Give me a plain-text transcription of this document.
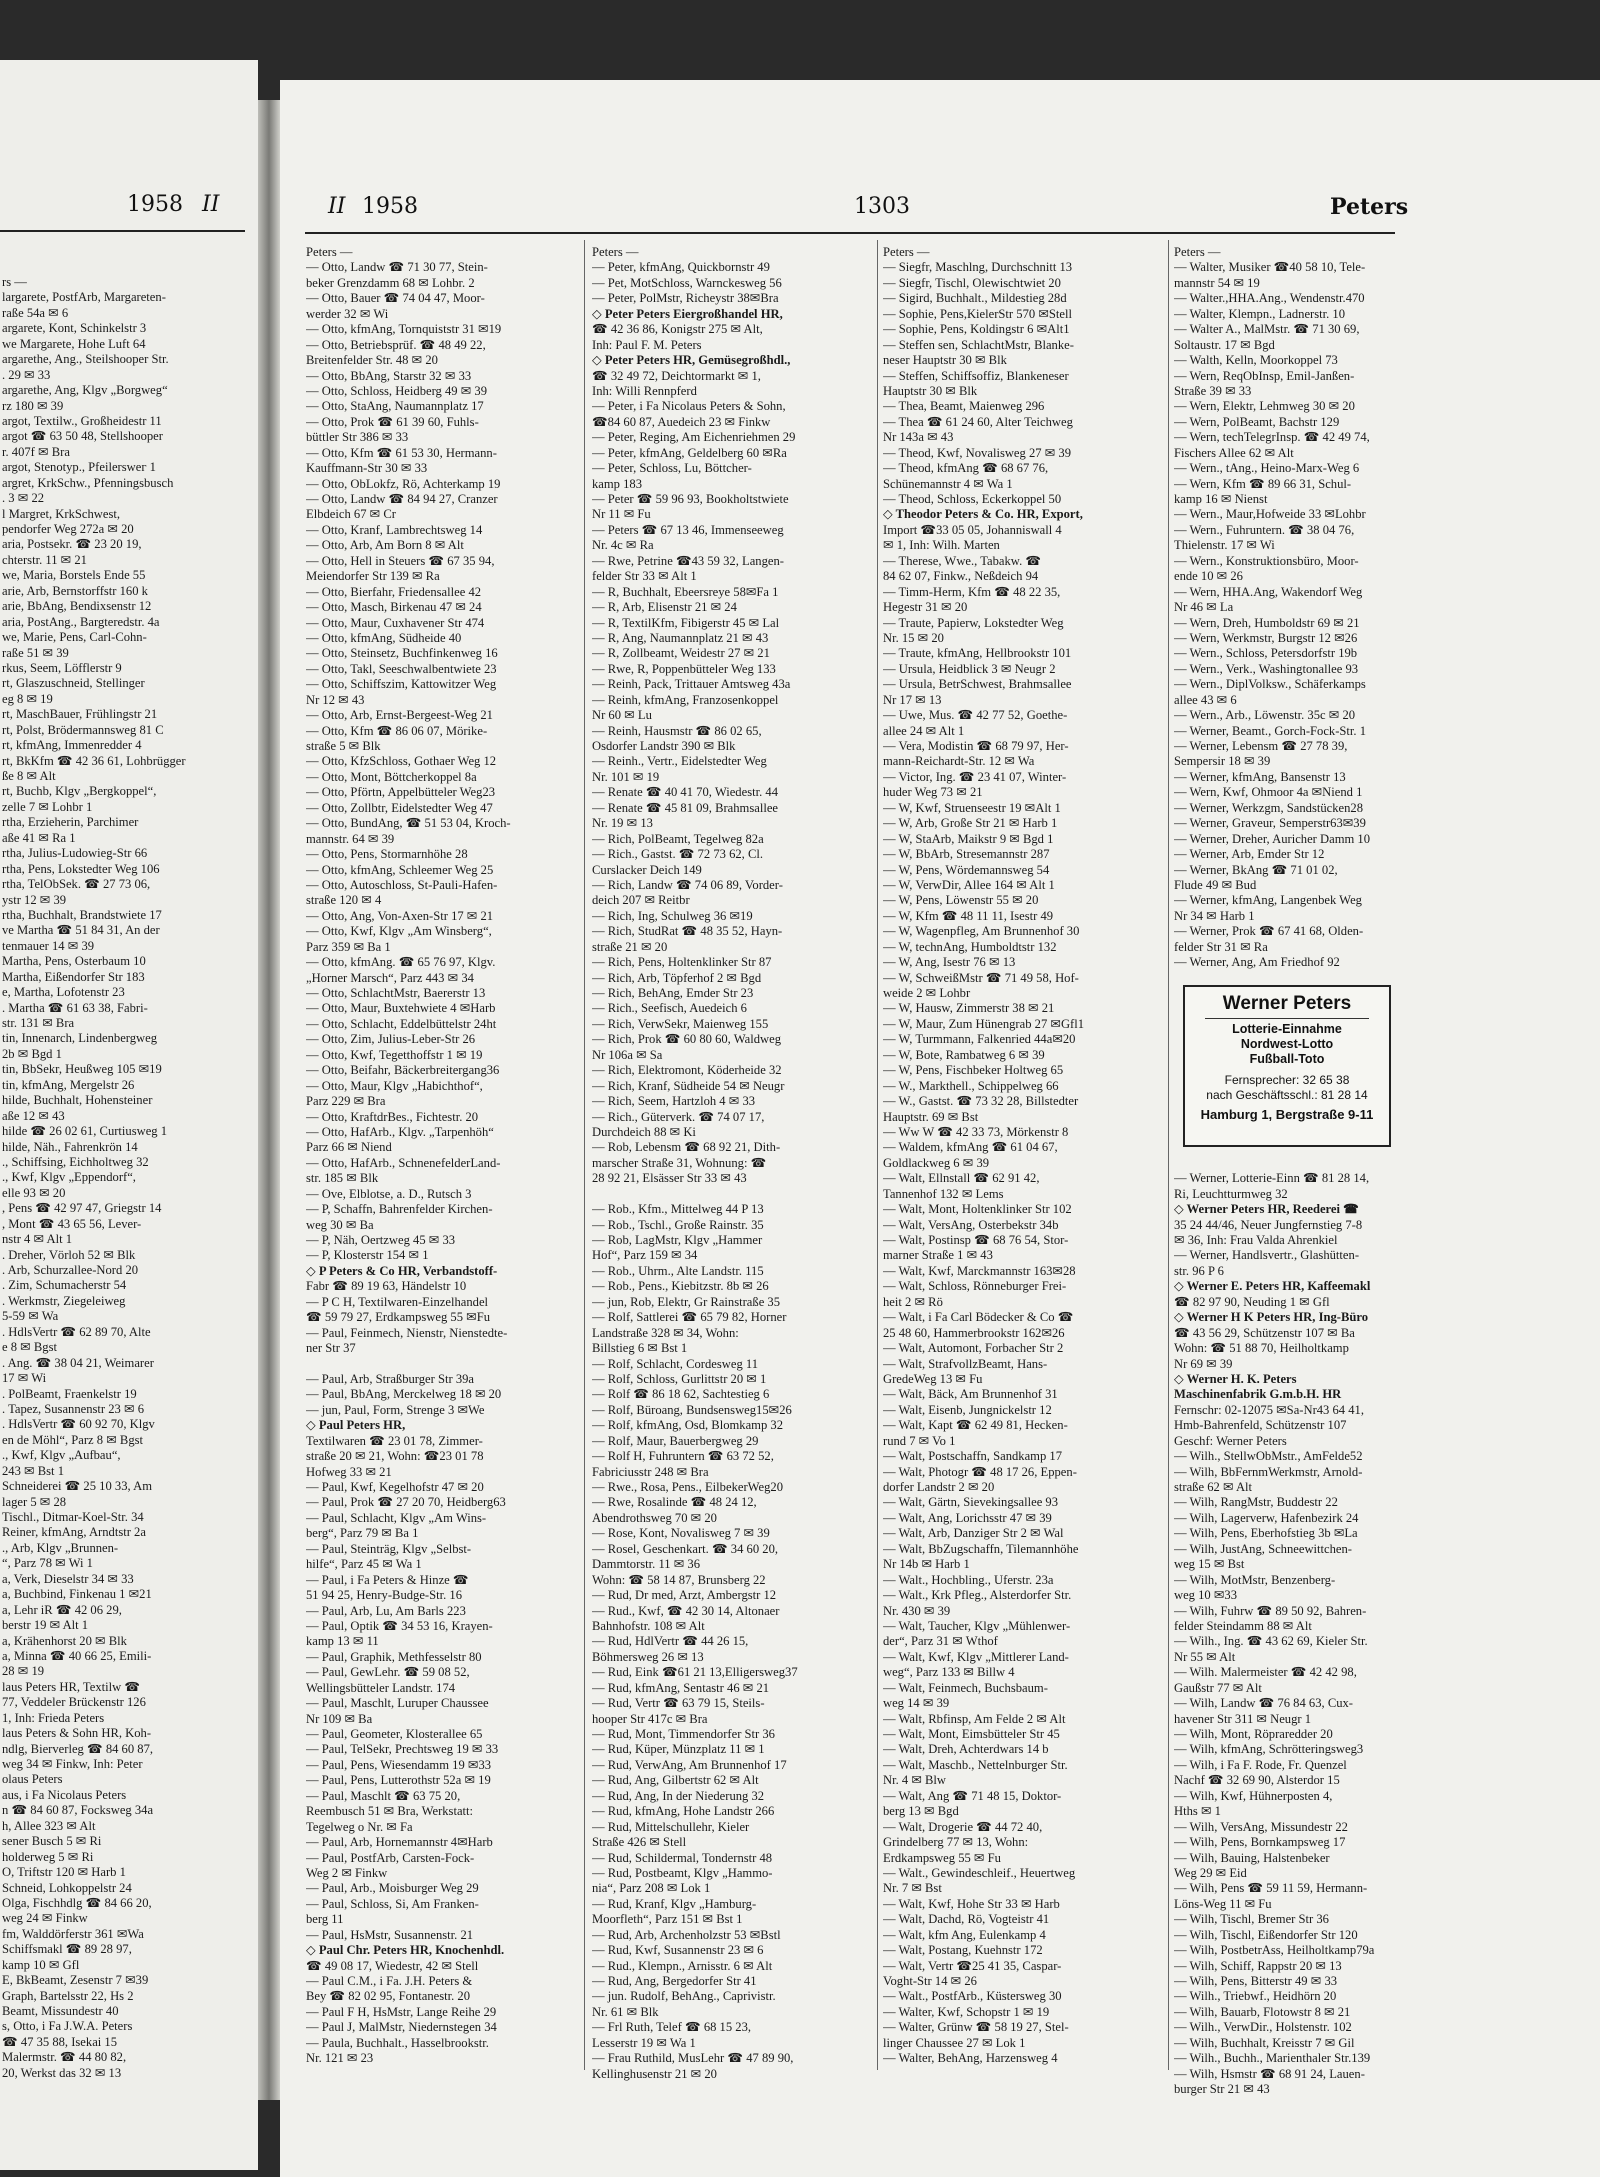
1958 II
rs —
largarete, PostfArb, Margareten-
raße 54a ✉ 6
argarete, Kont, Schinkelstr 3
we Margarete, Hohe Luft 64
argarethe, Ang., Steilshooper Str.
. 29 ✉ 33
argarethe, Ang, Klgv „Borgweg“
rz 180 ✉ 39
argot, Textilw., Großheidestr 11
argot ☎ 63 50 48, Stellshooper
r. 407f ✉ Bra
argot, Stenotyp., Pfeilerswег 1
argret, KrkSchw., Pfenningsbusch
. 3 ✉ 22
l Margret, KrkSchwest,
pendorfer Weg 272a ✉ 20
aria, Postsekr. ☎ 23 20 19,
chterstr. 11 ✉ 21
we, Maria, Borstels Ende 55
arie, Arb, Bernstorffstr 160 k
arie, BbAng, Bendixsenstr 12
aria, PostAng., Bargteredstr. 4a
we, Marie, Pens, Carl-Cohn-
raße 51 ✉ 39
rkus, Seem, Löfflerstr 9
rt, Glaszuschneid, Stellinger
eg 8 ✉ 19
rt, MaschBauer, Frühlingstr 21
rt, Polst, Brödermannsweg 81 C
rt, kfmAng, Immenredder 4
rt, BkKfm ☎ 42 36 61, Lohbrügger
ße 8 ✉ Alt
rt, Buchb, Klgv „Bergkoppel“,
zelle 7 ✉ Lohbr 1
rtha, Erzieherin, Parchimer
aße 41 ✉ Ra 1
rtha, Julius-Ludowieg-Str 66
rtha, Pens, Lokstedter Weg 106
rtha, TelObSek. ☎ 27 73 06,
ystr 12 ✉ 39
rtha, Buchhalt, Brandstwiete 17
ve Martha ☎ 51 84 31, An der
tenmauer 14 ✉ 39
Martha, Pens, Osterbaum 10
Martha, Eißendorfer Str 183
e, Martha, Lofotenstr 23
. Martha ☎ 61 63 38, Fabri-
str. 131 ✉ Bra
tin, Innenarch, Lindenbergweg
2b ✉ Bgd 1
tin, BbSekr, Heußweg 105 ✉19
tin, kfmAng, Mergelstr 26
hilde, Buchhalt, Hohensteiner
aße 12 ✉ 43
hilde ☎ 26 02 61, Curtiusweg 1
hilde, Näh., Fahrenkrön 14
., Schiffsing, Eichholtweg 32
., Kwf, Klgv „Eppendorf“,
elle 93 ✉ 20
, Pens ☎ 42 97 47, Griegstr 14
, Mont ☎ 43 65 56, Lever-
nstr 4 ✉ Alt 1
. Dreher, Vörloh 52 ✉ Blk
. Arb, Schurzallee-Nord 20
. Zim, Schumacherstr 54
. Werkmstr, Ziegeleiweg
5-59 ✉ Wa
. HdlsVertr ☎ 62 89 70, Alte
e 8 ✉ Bgst
. Ang. ☎ 38 04 21, Weimarer
17 ✉ Wi
. PolBeamt, Fraenkelstr 19
. Tapez, Susannenstr 23 ✉ 6
. HdlsVertr ☎ 60 92 70, Klgv
en de Möhl“, Parz 8 ✉ Bgst
., Kwf, Klgv „Aufbau“,
243 ✉ Bst 1
Schneiderei ☎ 25 10 33, Am
lager 5 ✉ 28
Tischl., Ditmar-Koel-Str. 34
Reiner, kfmAng, Arndtstr 2a
., Arb, Klgv „Brunnen-
“, Parz 78 ✉ Wi 1
a, Verk, Dieselstr 34 ✉ 33
a, Buchbind, Finkenau 1 ✉21
a, Lehr iR ☎ 42 06 29,
berstr 19 ✉ Alt 1
a, Krähenhorst 20 ✉ Blk
a, Minna ☎ 40 66 25, Emili-
28 ✉ 19
laus Peters HR, Textilw ☎
77, Veddeler Brückenstr 126
1, Inh: Frieda Peters
laus Peters & Sohn HR, Koh-
ndlg, Bierverleg ☎ 84 60 87,
weg 34 ✉ Finkw, Inh: Peter
olaus Peters
aus, i Fa Nicolaus Peters
n ☎ 84 60 87, Fockswеg 34a
h, Allee 323 ✉ Alt
sener Busch 5 ✉ Ri
holderweg 5 ✉ Ri
O, Triftstr 120 ✉ Harb 1
Schneid, Lohkoppelstr 24
Olga, Fischhdlg ☎ 84 66 20,
weg 24 ✉ Finkw
fm, Walddörferstr 361 ✉Wa
Schiffsmakl ☎ 89 28 97,
kamp 10 ✉ Gfl
E, BkBeamt, Zesenstr 7 ✉39
Graph, Bartelsstr 22, Hs 2
Beamt, Missundestr 40
s, Otto, i Fa J.W.A. Peters
☎ 47 35 88, Isekai 15
Malermstr. ☎ 44 80 82,
20, Werkst das 32 ✉ 13
II 1958	1303	Peters
Peters —
— Otto, Landw ☎ 71 30 77, Stein-
beker Grenzdamm 68 ✉ Lohbr. 2
— Otto, Bauer ☎ 74 04 47, Moor-
werder 32 ✉ Wi
— Otto, kfmAng, Tornquiststr 31 ✉19
— Otto, Betriebsprüf. ☎ 48 49 22,
Breitenfelder Str. 48 ✉ 20
— Otto, BbAng, Starstr 32 ✉ 33
— Otto, Schloss, Heidberg 49 ✉ 39
— Otto, StaAng, Naumannplatz 17
— Otto, Prok ☎ 61 39 60, Fuhls-
büttler Str 386 ✉ 33
— Otto, Kfm ☎ 61 53 30, Hermann-
Kauffmann-Str 30 ✉ 33
— Otto, ObLokfz, Rö, Achterkamp 19
— Otto, Landw ☎ 84 94 27, Cranzer
Elbdeich 67 ✉ Cr
— Otto, Kranf, Lambrechtsweg 14
— Otto, Arb, Am Born 8 ✉ Alt
— Otto, Hell in Steuers ☎ 67 35 94,
Meiendorfer Str 139 ✉ Ra
— Otto, Bierfahr, Friedensallee 42
— Otto, Masch, Birkenau 47 ✉ 24
— Otto, Maur, Cuxhavener Str 474
— Otto, kfmAng, Südheide 40
— Otto, Steinsetz, Buchfinkenweg 16
— Otto, Takl, Seeschwalbentwiete 23
— Otto, Schiffszim, Kattowitzer Weg
Nr 12 ✉ 43
— Otto, Arb, Ernst-Bergeest-Weg 21
— Otto, Kfm ☎ 86 06 07, Mörike-
straße 5 ✉ Blk
— Otto, KfzSchloss, Gothaer Weg 12
— Otto, Mont, Böttcherkoppel 8a
— Otto, Pförtn, Appelbütteler Weg23
— Otto, Zollbtr, Eidelstedter Weg 47
— Otto, BundAng, ☎ 51 53 04, Kroch-
mannstr. 64 ✉ 39
— Otto, Pens, Stormarnhöhe 28
— Otto, kfmAng, Schleemer Weg 25
— Otto, Autoschloss, St-Pauli-Hafen-
straße 120 ✉ 4
— Otto, Ang, Von-Axen-Str 17 ✉ 21
— Otto, Kwf, Klgv „Am Winsberg“,
Parz 359 ✉ Ba 1
— Otto, kfmAng. ☎ 65 76 97, Klgv.
„Horner Marsch“, Parz 443 ✉ 34
— Otto, SchlachtMstr, Baererstr 13
— Otto, Maur, Buxtehwiete 4 ✉Harb
— Otto, Schlacht, Eddelbüttelstr 24ht
— Otto, Zim, Julius-Leber-Str 26
— Otto, Kwf, Tegetthoffstr 1 ✉ 19
— Otto, Beifahr, Bäckerbreitergang36
— Otto, Maur, Klgv „Habichthof“,
Parz 229 ✉ Bra
— Otto, KraftdrBes., Fichtestr. 20
— Otto, HafArb., Klgv. „Tarpenhöh“
Parz 66 ✉ Niend
— Otto, HafArb., SchnenefelderLand-
str. 185 ✉ Blk
— Ove, Elblotse, a. D., Rutsch 3
— P, Schaffn, Bahrenfelder Kirchen-
weg 30 ✉ Ba
— P, Näh, Oertzweg 45 ✉ 33
— P, Klosterstr 154 ✉ 1
◇ P Peters & Co HR, Verbandstoff-
Fabr ☎ 89 19 63, Händelstr 10
— P C H, Textilwaren-Einzelhandel
☎ 59 79 27, Erdkampsweg 55 ✉Fu
— Paul, Feinmech, Nienstr, Nienstedte-
ner Str 37
— Paul, Arb, Straßburger Str 39a
— Paul, BbAng, Merckelweg 18 ✉ 20
— jun, Paul, Form, Strenge 3 ✉We
◇ Paul Peters HR,
Textilwaren ☎ 23 01 78, Zimmer-
straße 20 ✉ 21, Wohn: ☎23 01 78
Hofweg 33 ✉ 21
— Paul, Kwf, Kegelhofstr 47 ✉ 20
— Paul, Prok ☎ 27 20 70, Heidberg63
— Paul, Schlacht, Klgv „Am Wins-
berg“, Parz 79 ✉ Ba 1
— Paul, Steinträg, Klgv „Selbst-
hilfe“, Parz 45 ✉ Wa 1
— Paul, i Fa Peters & Hinze ☎
51 94 25, Henry-Budge-Str. 16
— Paul, Arb, Lu, Am Barls 223
— Paul, Optik ☎ 34 53 16, Krayen-
kamp 13 ✉ 11
— Paul, Graphik, Methfesselstr 80
— Paul, GewLehr. ☎ 59 08 52,
Wellingsbütteler Landstr. 174
— Paul, Maschlt, Luruper Chaussee
Nr 109 ✉ Ba
— Paul, Geometer, Klosterallee 65
— Paul, TelSekr, Prechtsweg 19 ✉ 33
— Paul, Pens, Wiesendamm 19 ✉33
— Paul, Pens, Lutterothstr 52a ✉ 19
— Paul, Maschlt ☎ 63 75 20,
Reembusch 51 ✉ Bra, Werkstatt:
Tegelweg o Nr. ✉ Fa
— Paul, Arb, Hornemannstr 4✉Harb
— Paul, PostfArb, Carsten-Fock-
Weg 2 ✉ Finkw
— Paul, Arb., Moisburger Weg 29
— Paul, Schloss, Si, Am Franken-
berg 11
— Paul, HsMstr, Susannenstr. 21
◇ Paul Chr. Peters HR, Knochenhdl.
☎ 49 08 17, Wiedestr, 42 ✉ Stell
— Paul C.M., i Fa. J.H. Peters &
Bey ☎ 82 02 95, Fontanestr. 20
— Paul F H, HsMstr, Lange Reihe 29
— Paul J, MalMstr, Niedernstegen 34
— Paula, Buchhalt., Hasselbrookstr.
Nr. 121 ✉ 23
Peters —
— Peter, kfmAng, Quickbornstr 49
— Pet, MotSchloss, Warnckesweg 56
— Peter, PolMstr, Richeystr 38✉Bra
◇ Peter Peters Eiergroßhandel HR,
☎ 42 36 86, Konigstr 275 ✉ Alt,
Inh: Paul F. M. Peters
◇ Peter Peters HR, Gemüsegroßhdl.,
☎ 32 49 72, Deichtormarkt ✉ 1,
Inh: Willi Rennpferd
— Peter, i Fa Nicolaus Peters & Sohn,
☎84 60 87, Auedeich 23 ✉ Finkw
— Peter, Reging, Am Eichenriehmen 29
— Peter, kfmAng, Geldelberg 60 ✉Ra
— Peter, Schloss, Lu, Böttcher-
kamp 183
— Peter ☎ 59 96 93, Bookholtstwiete
Nr 11 ✉ Fu
— Peters ☎ 67 13 46, Immenseeweg
Nr. 4c ✉ Ra
— Rwe, Petrine ☎43 59 32, Langen-
felder Str 33 ✉ Alt 1
— R, Buchhalt, Ebeersreye 58✉Fa 1
— R, Arb, Elisenstr 21 ✉ 24
— R, TextilKfm, Fibigerstr 45 ✉ Lal
— R, Ang, Naumannplatz 21 ✉ 43
— R, Zollbeamt, Weidestr 27 ✉ 21
— Rwe, R, Poppenbütteler Weg 133
— Reinh, Pack, Trittauer Amtsweg 43a
— Reinh, kfmAng, Franzosenkoppel
Nr 60 ✉ Lu
— Reinh, Hausmstr ☎ 86 02 65,
Osdorfer Landstr 390 ✉ Blk
— Reinh., Vertr., Eidelstedter Weg
Nr. 101 ✉ 19
— Renate ☎ 40 41 70, Wiedestr. 44
— Renate ☎ 45 81 09, Brahmsallee
Nr. 19 ✉ 13
— Rich, PolBeamt, Tegelweg 82a
— Rich., Gastst. ☎ 72 73 62, Cl.
Curslacker Deich 149
— Rich, Landw ☎ 74 06 89, Vorder-
deich 207 ✉ Reitbr
— Rich, Ing, Schulweg 36 ✉19
— Rich, StudRat ☎ 48 35 52, Hayn-
straße 21 ✉ 20
— Rich, Pens, Holtenklinker Str 87
— Rich, Arb, Töpferhof 2 ✉ Bgd
— Rich, BehAng, Emder Str 23
— Rich., Seefisch, Auedeich 6
— Rich, VerwSekr, Maienweg 155
— Rich, Prok ☎ 60 80 60, Waldweg
Nr 106a ✉ Sa
— Rich, Elektromont, Köderheide 32
— Rich, Kranf, Südheide 54 ✉ Neugr
— Rich, Seem, Hartzloh 4 ✉ 33
— Rich., Güterverk. ☎ 74 07 17,
Durchdeich 88 ✉ Ki
— Rob, Lebensm ☎ 68 92 21, Dith-
marscher Straße 31, Wohnung: ☎
28 92 21, Elsässer Str 33 ✉ 43
— Rob., Kfm., Mittelweg 44 P 13
— Rob., Tschl., Große Rainstr. 35
— Rob, LagMstr, Klgv „Hammer
Hof“, Parz 159 ✉ 34
— Rob., Uhrm., Alte Landstr. 115
— Rob., Pens., Kiebitzstr. 8b ✉ 26
— jun, Rob, Elektr, Gr Rainstraße 35
— Rolf, Sattlerei ☎ 65 79 82, Horner
Landstraße 328 ✉ 34, Wohn:
Billstieg 6 ✉ Bst 1
— Rolf, Schlacht, Cordesweg 11
— Rolf, Schloss, Gurlittstr 20 ✉ 1
— Rolf ☎ 86 18 62, Sachtestieg 6
— Rolf, Büroang, Bundsensweg15✉26
— Rolf, kfmAng, Osd, Blomkamp 32
— Rolf, Maur, Bauerbergweg 29
— Rolf H, Fuhruntern ☎ 63 72 52,
Fabriciusstr 248 ✉ Bra
— Rwe., Rosa, Pens., EilbekerWeg20
— Rwe, Rosalinde ☎ 48 24 12,
Abendrothsweg 70 ✉ 20
— Rose, Kont, Novalisweg 7 ✉ 39
— Rosel, Geschenkart. ☎ 34 60 20,
Dammtorstr. 11 ✉ 36
Wohn: ☎ 58 14 87, Brunsberg 22
— Rud, Dr med, Arzt, Ambergstr 12
— Rud., Kwf, ☎ 42 30 14, Altonaer
Bahnhofstr. 108 ✉ Alt
— Rud, HdlVertr ☎ 44 26 15,
Böhmersweg 26 ✉ 13
— Rud, Eink ☎61 21 13,Elligersweg37
— Rud, kfmAng, Sentastr 46 ✉ 21
— Rud, Vertr ☎ 63 79 15, Steils-
hooper Str 417c ✉ Bra
— Rud, Mont, Timmendorfer Str 36
— Rud, Küper, Münzplatz 11 ✉ 1
— Rud, VerwAng, Am Brunnenhof 17
— Rud, Ang, Gilbertstr 62 ✉ Alt
— Rud, Ang, In der Niederung 32
— Rud, kfmAng, Hohe Landstr 266
— Rud, Mittelschullehr, Kieler
Straße 426 ✉ Stell
— Rud, Schildermal, Tondernstr 48
— Rud, Postbeamt, Klgv „Hammo-
nia“, Parz 208 ✉ Lok 1
— Rud, Kranf, Klgv „Hamburg-
Moorfleth“, Parz 151 ✉ Bst 1
— Rud, Arb, Archenholzstr 53 ✉Bstl
— Rud, Kwf, Susannenstr 23 ✉ 6
— Rud., Klempn., Arnisstr. 6 ✉ Alt
— Rud, Ang, Bergedorfer Str 41
— jun. Rudolf, BehAng., Caprivistr.
Nr. 61 ✉ Blk
— Frl Ruth, Telef ☎ 68 15 23,
Lesserstr 19 ✉ Wa 1
— Frau Ruthild, MusLehr ☎ 47 89 90,
Kellinghusenstr 21 ✉ 20
Peters —
— Siegfr, Maschlng, Durchschnitt 13
— Siegfr, Tischl, Olewischtwiet 20
— Sigird, Buchhalt., Mildestieg 28d
— Sophie, Pens,KielerStr 570 ✉Stell
— Sophie, Pens, Koldingstr 6 ✉Alt1
— Steffen sen, SchlachtMstr, Blanke-
neser Hauptstr 30 ✉ Blk
— Steffen, Schiffsoffiz, Blankeneser
Hauptstr 30 ✉ Blk
— Thea, Beamt, Maienweg 296
— Thea ☎ 61 24 60, Alter Teichweg
Nr 143a ✉ 43
— Theod, Kwf, Novalisweg 27 ✉ 39
— Theod, kfmAng ☎ 68 67 76,
Schünemannstr 4 ✉ Wa 1
— Theod, Schloss, Eckerkoppel 50
◇ Theodor Peters & Co. HR, Export,
Import ☎33 05 05, Johanniswall 4
✉ 1, Inh: Wilh. Marten
— Therese, Wwe., Tabakw. ☎
84 62 07, Finkw., Neßdeich 94
— Timm-Herm, Kfm ☎ 48 22 35,
Hegestr 31 ✉ 20
— Traute, Papierw, Lokstedter Weg
Nr. 15 ✉ 20
— Traute, kfmAng, Hellbrookstr 101
— Ursula, Heidblick 3 ✉ Neugr 2
— Ursula, BetrSchwest, Brahmsallee
Nr 17 ✉ 13
— Uwe, Mus. ☎ 42 77 52, Goethe-
allee 24 ✉ Alt 1
— Vera, Modistin ☎ 68 79 97, Her-
mann-Reichardt-Str. 12 ✉ Wa
— Victor, Ing. ☎ 23 41 07, Winter-
huder Weg 73 ✉ 21
— W, Kwf, Struenseestr 19 ✉Alt 1
— W, Arb, Große Str 21 ✉ Harb 1
— W, StaArb, Maikstr 9 ✉ Bgd 1
— W, BbArb, Stresemannstr 287
— W, Pens, Wördemannsweg 54
— W, VerwDir, Allee 164 ✉ Alt 1
— W, Pens, Löwenstr 55 ✉ 20
— W, Kfm ☎ 48 11 11, Isestr 49
— W, Wagenpfleg, Am Brunnenhof 30
— W, technAng, Humboldtstr 132
— W, Ang, Isestr 76 ✉ 13
— W, SchweißMstr ☎ 71 49 58, Hof-
weide 2 ✉ Lohbr
— W, Hausw, Zimmerstr 38 ✉ 21
— W, Maur, Zum Hünengrab 27 ✉Gfl1
— W, Turmmann, Falkenried 44a✉20
— W, Bote, Rambatweg 6 ✉ 39
— W, Pens, Fischbeker Holtweg 65
— W., Markthell., Schippelweg 66
— W., Gastst. ☎ 73 32 28, Billstedter
Hauptstr. 69 ✉ Bst
— Ww W ☎ 42 33 73, Mörkenstr 8
— Waldem, kfmAng ☎ 61 04 67,
Goldlackweg 6 ✉ 39
— Walt, Ellnstall ☎ 62 91 42,
Tannenhof 132 ✉ Lems
— Walt, Mont, Holtenklinker Str 102
— Walt, VersAng, Osterbekstr 34b
— Walt, Postinsp ☎ 68 76 54, Stor-
marner Straße 1 ✉ 43
— Walt, Kwf, Marckmannstr 163✉28
— Walt, Schloss, Rönneburger Frei-
heit 2 ✉ Rö
— Walt, i Fa Carl Bödecker & Co ☎
25 48 60, Hammerbrookstr 162✉26
— Walt, Automont, Forbacher Str 2
— Walt, StrafvollzBeamt, Hans-
GredeWeg 13 ✉ Fu
— Walt, Bäck, Am Brunnenhof 31
— Walt, Eisenb, Jungnickelstr 12
— Walt, Kapt ☎ 62 49 81, Hecken-
rund 7 ✉ Vo 1
— Walt, Postschaffn, Sandkamp 17
— Walt, Photogr ☎ 48 17 26, Eppen-
dorfer Landstr 2 ✉ 20
— Walt, Gärtn, Sievekingsallee 93
— Walt, Ang, Lorichsstr 47 ✉ 39
— Walt, Arb, Danziger Str 2 ✉ Wal
— Walt, BbZugschaffn, Tilemannhöhe
Nr 14b ✉ Harb 1
— Walt., Hochbling., Uferstr. 23a
— Walt., Krk Pfleg., Alsterdorfer Str.
Nr. 430 ✉ 39
— Walt, Taucher, Klgv „Mühlenwer-
der“, Parz 31 ✉ Wthof
— Walt, Kwf, Klgv „Mittlerer Land-
weg“, Parz 133 ✉ Billw 4
— Walt, Feinmech, Buchsbaum-
weg 14 ✉ 39
— Walt, Rbfinsp, Am Felde 2 ✉ Alt
— Walt, Mont, Eimsbütteler Str 45
— Walt, Dreh, Achterdwars 14 b
— Walt, Maschb., Nettelnburger Str.
Nr. 4 ✉ Blw
— Walt, Ang ☎ 71 48 15, Doktor-
berg 13 ✉ Bgd
— Walt, Drogerie ☎ 44 72 40,
Grindelberg 77 ✉ 13, Wohn:
Erdkampsweg 55 ✉ Fu
— Walt., Gewindeschleif., Heuertweg
Nr. 7 ✉ Bst
— Walt, Kwf, Hohe Str 33 ✉ Harb
— Walt, Dachd, Rö, Vogteistr 41
— Walt, kfm Ang, Eulenkamp 4
— Walt, Postang, Kuehnstr 172
— Walt, Vertr ☎25 41 35, Caspar-
Voght-Str 14 ✉ 26
— Walt., PostfArb., Küstersweg 30
— Walter, Kwf, Schopstr 1 ✉ 19
— Walter, Grünw ☎ 58 19 27, Stel-
linger Chaussee 27 ✉ Lok 1
— Walter, BehAng, Harzensweg 4
Peters —
— Walter, Musiker ☎40 58 10, Tele-
mannstr 54 ✉ 19
— Walter.,HHA.Ang., Wendenstr.470
— Walter, Klempn., Ladnerstr. 10
— Walter A., MalMstr. ☎ 71 30 69,
Soltaustr. 17 ✉ Bgd
— Walth, Kelln, Moorkoppel 73
— Wern, ReqObInsp, Emil-Janßen-
Straße 39 ✉ 33
— Wern, Elektr, Lehmweg 30 ✉ 20
— Wern, PolBeamt, Bachstr 129
— Wern, techTelegrInsp. ☎ 42 49 74,
Fischers Allee 62 ✉ Alt
— Wern., tAng., Heino-Marx-Weg 6
— Wern, Kfm ☎ 89 66 31, Schul-
kamp 16 ✉ Nienst
— Wern., Maur,Hofweide 33 ✉Lohbr
— Wern., Fuhruntern. ☎ 38 04 76,
Thielenstr. 17 ✉ Wi
— Wern., Konstruktionsbüro, Moor-
ende 10 ✉ 26
— Wern, HHA.Ang, Wakendorf Weg
Nr 46 ✉ La
— Wern, Dreh, Humboldstr 69 ✉ 21
— Wern, Werkmstr, Burgstr 12 ✉26
— Wern., Schloss, Petersdorfstr 19b
— Wern., Verk., Washingtonallee 93
— Wern., DiplVolksw., Schäferkamps
allee 43 ✉ 6
— Wern., Arb., Löwenstr. 35c ✉ 20
— Werner, Beamt., Gorch-Fock-Str. 1
— Werner, Lebensm ☎ 27 78 39,
Sempersir 18 ✉ 39
— Werner, kfmAng, Bansenstr 13
— Wern, Kwf, Ohmoor 4a ✉Niend 1
— Werner, Werkzgm, Sandstücken28
— Werner, Graveur, Semperstr63✉39
— Werner, Dreher, Auricher Damm 10
— Werner, Arb, Emder Str 12
— Werner, BkAng ☎ 71 01 02,
Flude 49 ✉ Bud
— Werner, kfmAng, Langenbek Weg
Nr 34 ✉ Harb 1
— Werner, Prok ☎ 67 41 68, Olden-
felder Str 31 ✉ Ra
— Werner, Ang, Am Friedhof 92
— Werner, Lotterie-Einn ☎ 81 28 14,
Ri, Leuchtturmweg 32
◇ Werner Peters HR, Reederei ☎
35 24 44/46, Neuer Jungfernstieg 7-8
✉ 36, Inh: Frau Valda Ahrenkiel
— Werner, Handlsvertr., Glashütten-
str. 96 P 6
◇ Werner E. Peters HR, Kaffeemakl
☎ 82 97 90, Neuding 1 ✉ Gfl
◇ Werner H K Peters HR, Ing-Büro
☎ 43 56 29, Schützenstr 107 ✉ Ba
Wohn: ☎ 51 88 70, Heilholtkamp
Nr 69 ✉ 39
◇ Werner H. K. Peters
Maschinenfabrik G.m.b.H. HR
Fernschr: 02-12075 ✉Sa-Nr43 64 41,
Hmb-Bahrenfeld, Schützenstr 107
Geschf: Werner Peters
— Wilh., StellwObMstr., AmFelde52
— Wilh, BbFernmWerkmstr, Arnold-
straße 62 ✉ Alt
— Wilh, RangMstr, Buddestr 22
— Wilh, Lagerverw, Hafenbezirk 24
— Wilh, Pens, Eberhofstieg 3b ✉La
— Wilh, JustAng, Schneewittchen-
weg 15 ✉ Bst
— Wilh, MotMstr, Benzenberg-
weg 10 ✉33
— Wilh, Fuhrw ☎ 89 50 92, Bahren-
felder Steindamm 88 ✉ Alt
— Wilh., Ing. ☎ 43 62 69, Kieler Str.
Nr 55 ✉ Alt
— Wilh. Malermeister ☎ 42 42 98,
Gaußstr 77 ✉ Alt
— Wilh, Landw ☎ 76 84 63, Cux-
havener Str 311 ✉ Neugr 1
— Wilh, Mont, Röpraredder 20
— Wilh, kfmAng, Schrötteringsweg3
— Wilh, i Fa F. Rode, Fr. Quenzel
Nachf ☎ 32 69 90, Alsterdor 15
— Wilh, Kwf, Hühnerposten 4,
Hths ✉ 1
— Wilh, VersAng, Missundestr 22
— Wilh, Pens, Bornkampsweg 17
— Wilh, Bauing, Halstenbeker
Weg 29 ✉ Eid
— Wilh, Pens ☎ 59 11 59, Hermann-
Löns-Weg 11 ✉ Fu
— Wilh, Tischl, Bremer Str 36
— Wilh, Tischl, Eißendorfer Str 120
— Wilh, PostbetrAss, Heilholtkamp79a
— Wilh, Schiff, Rappstr 20 ✉ 13
— Wilh, Pens, Bitterstr 49 ✉ 33
— Wilh., Triebwf., Heidhörn 20
— Wilh, Bauarb, Flotowstr 8 ✉ 21
— Wilh., VerwDir., Holstenstr. 102
— Wilh, Buchhalt, Kreisstr 7 ✉ Gil
— Wilh., Buchh., Marienthaler Str.139
— Wilh, Hsmstr ☎ 68 91 24, Lauen-
burger Str 21 ✉ 43
Werner Peters
Lotterie-Einnahme
Nordwest-Lotto
Fußball-Toto
Fernsprecher: 32 65 38
nach Geschäftsschl.: 81 28 14
Hamburg 1, Bergstraße 9-11
